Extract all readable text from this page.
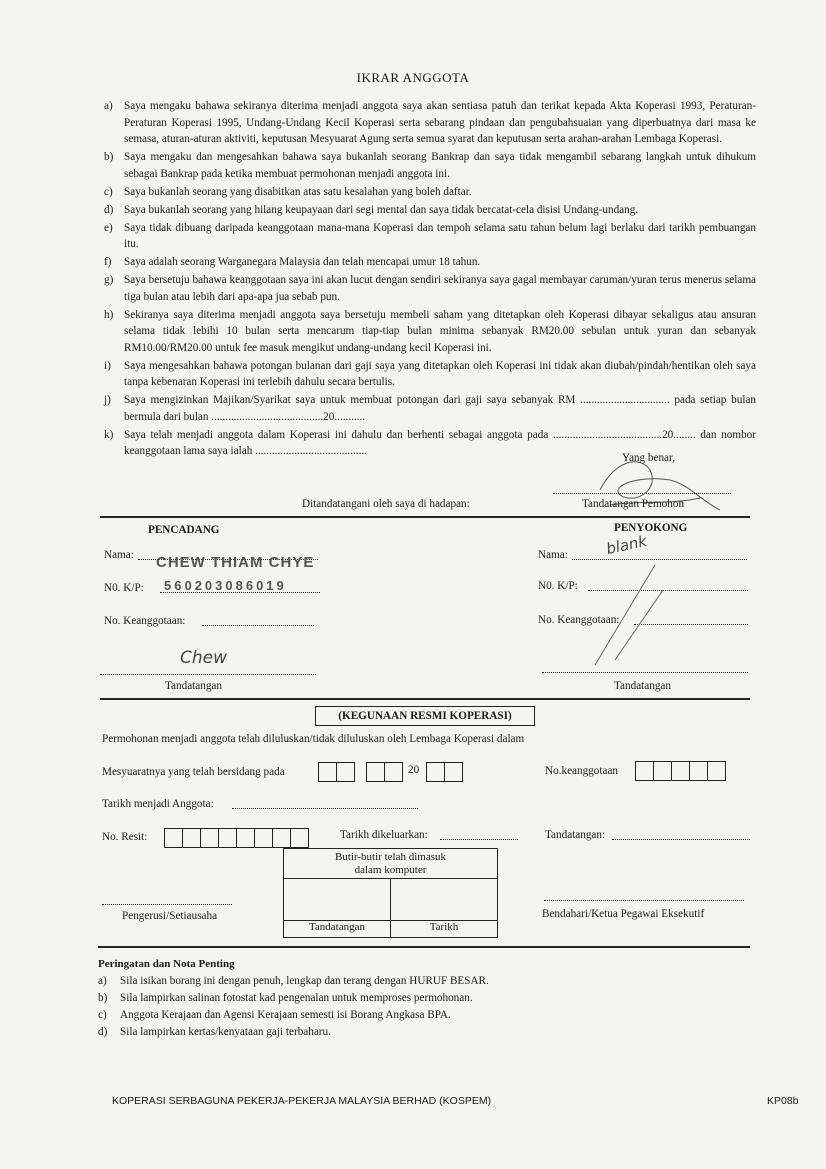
IKRAR ANGGOTA
a)	Saya mengaku bahawa sekiranya diterima menjadi anggota saya akan sentiasa patuh dan terikat kepada Akta Koperasi 1993, Peraturan-Peraturan Koperasi 1995, Undang-Undang Kecil Koperasi serta sebarang pindaan dan pengubahsuaian yang diperbuatnya dari masa ke semasa, aturan-aturan aktiviti, keputusan Mesyuarat Agung serta semua syarat dan keputusan serta arahan-arahan Lembaga Koperasi.
b) Saya mengaku dan mengesahkan bahawa saya bukanlah seorang Bankrap dan saya tidak mengambil sebarang langkah untuk dihukum sebagai Bankrap pada ketika membuat permohonan menjadi anggota ini.
c)	Saya bukanlah seorang yang disabitkan atas satu kesalahan yang boleh daftar.
d) Saya bukanlah seorang yang hilang keupayaan dari segi mental dan saya tidak bercatat-cela disisi Undang-undang.
e)	Saya tidak dibuang daripada keanggotaan mana-mana Koperasi dan tempoh selama satu tahun belum lagi berlaku dari tarikh pembuangan itu.
f)	Saya adalah seorang Warganegara Malaysia dan telah mencapai umur 18 tahun.
g) Saya bersetuju bahawa keanggotaan saya ini akan lucut dengan sendiri sekiranya saya gagal membayar caruman/yuran terus menerus selama tiga bulan atau lebih dari apa-apa jua sebab pun.
h) Sekiranya saya diterima menjadi anggota saya bersetuju membeli saham yang ditetapkan oleh Koperasi dibayar sekaligus atau ansuran selama tidak lebihi 10 bulan serta mencarum tiap-tiap bulan minima sebanyak RM20.00 sebulan untuk yuran dan sebanyak RM10.00/RM20.00 untuk fee masuk mengikut undang-undang kecil Koperasi ini.
i)	Saya mengesahkan bahawa potongan bulanan dari gaji saya yang ditetapkan oleh Koperasi ini tidak akan diubah/pindah/hentikan oleh saya tanpa kebenaran Koperasi ini terlebih dahulu secara bertulis.
j)	Saya mengizinkan Majikan/Syarikat saya untuk membuat potongan dari gaji saya sebanyak RM ................................ pada setiap bulan bermula dari bulan ........................................20...........
k) Saya telah menjadi anggota dalam Koperasi ini dahulu dan berhenti sebagai anggota pada .......................................20........ dan nombor keanggotaan lama saya ialah ........................................
Yang benar,
Ditandatangani oleh saya di hadapan:	Tandatangan Pemohon
PENCADANG
Nama: CHEW THIAM CHYE
N0. K/P: 560203086019
No. Keanggotaan:
Chew
Tandatangan
PENYOKONG
Nama: blank
N0. K/P:
No. Keanggotaan:
Tandatangan
(KEGUNAAN RESMI KOPERASI)
Permohonan menjadi anggota telah diluluskan/tidak diluluskan oleh Lembaga Koperasi dalam
Mesyuaratnya yang telah bersidang pada	20	No.keanggotaan
Tarikh menjadi Anggota:
No. Resit:	Tarikh dikeluarkan:	Tandatangan:
Butir-butir telah dimasuk dalam komputer
Tandatangan	Tarikh
Pengerusi/Setiausaha	Bendahari/Ketua Pegawai Eksekutif
Peringatan dan Nota Penting
a)	Sila isikan borang ini dengan penuh, lengkap dan terang dengan HURUF BESAR.
b)	Sila lampirkan salinan fotostat kad pengenalan untuk memproses permohonan.
c)	Anggota Kerajaan dan Agensi Kerajaan semesti isi Borang Angkasa BPA.
d)	Sila lampirkan kertas/kenyataan gaji terbaharu.
KOPERASI SERBAGUNA PEKERJA-PEKERJA MALAYSIA BERHAD (KOSPEM)	KP08b
